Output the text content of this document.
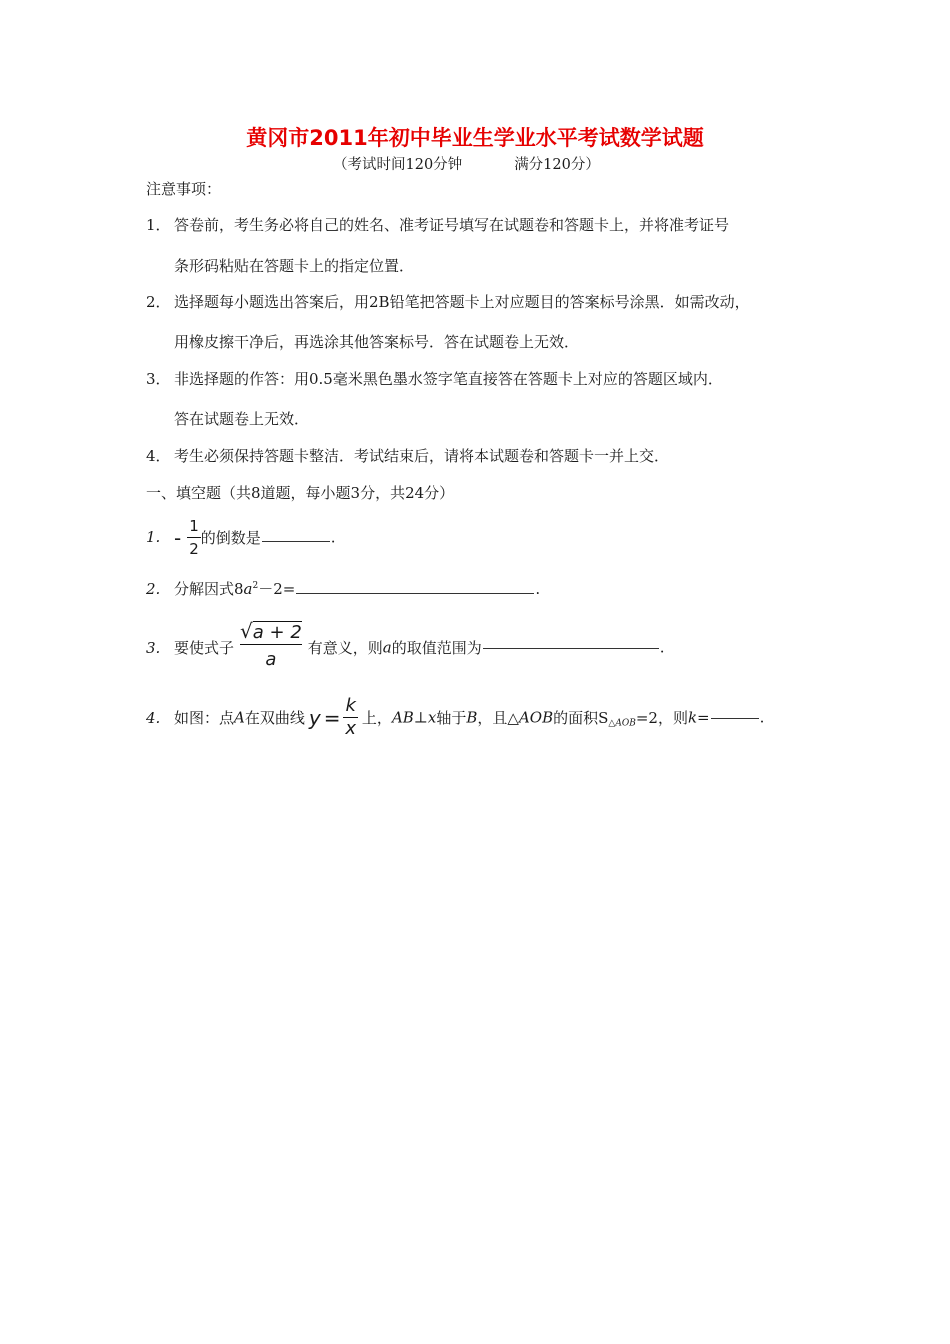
黄冈市2011年初中毕业生学业水平考试数学试题
（考试时间120分钟	满分120分）
注意事项：
1． 答卷前，考生务必将自己的姓名、准考证号填写在试题卷和答题卡上，并将准考证号
条形码粘贴在答题卡上的指定位置．
2． 选择题每小题选出答案后，用2B铅笔把答题卡上对应题目的答案标号涂黑．如需改动，
用橡皮擦干净后，再选涂其他答案标号．答在试题卷上无效．
3． 非选择题的作答：用0.5毫米黑色墨水签字笔直接答在答题卡上对应的答题区域内．
答在试题卷上无效．
4． 考生必须保持答题卡整洁．考试结束后，请将本试题卷和答题卡一并上交．
一、填空题（共8道题，每小题3分，共24分）
1. - $\frac{1}{2}$ 的倒数是	.
2. 分解因式$8a^2-2=$	.
3. 要使式子 $\frac{√a + 2}{a}$ 有意义，则a的取值范围为	.
4. 如图：点A在双曲线 $y = \frac{k}{x}$ 上，AB⊥x轴于B，且△AOB的面积$S_{\triangle AOB}=2$，则k=	.
